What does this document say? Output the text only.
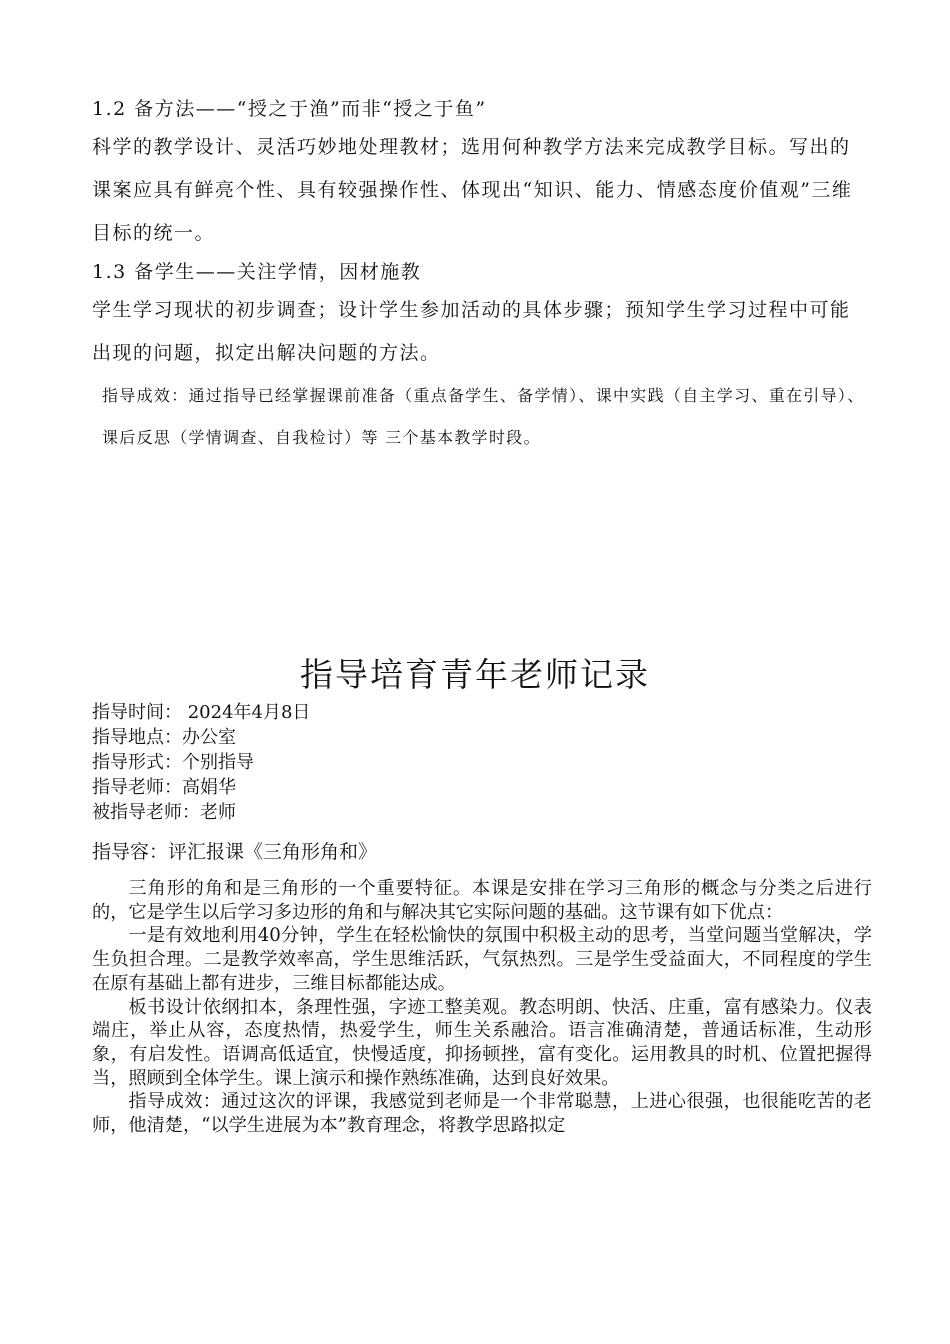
1.2 备方法——“授之于渔”而非“授之于鱼”
科学的教学设计、灵活巧妙地处理教材；选用何种教学方法来完成教学目标。写出的课案应具有鲜亮个性、具有较强操作性、体现出“知识、能力、情感态度价值观”三维目标的统一。
1.3 备学生——关注学情，因材施教
学生学习现状的初步调查；设计学生参加活动的具体步骤；预知学生学习过程中可能出现的问题，拟定出解决问题的方法。
指导成效：通过指导已经掌握课前准备（重点备学生、备学情）、课中实践（自主学习、重在引导）、课后反思（学情调查、自我检讨）等 三个基本教学时段。
指导培育青年老师记录
指导时间： 2024年4月8日
指导地点：办公室
指导形式：个别指导
指导老师：高娟华
被指导老师：老师
指导容：评汇报课《三角形角和》

三角形的角和是三角形的一个重要特征。本课是安排在学习三角形的概念与分类之后进行的，它是学生以后学习多边形的角和与解决其它实际问题的基础。这节课有如下优点：

一是有效地利用40分钟，学生在轻松愉快的氛围中积极主动的思考，当堂问题当堂解决，学生负担合理。二是教学效率高，学生思维活跃，气氛热烈。三是学生受益面大，不同程度的学生在原有基础上都有进步，三维目标都能达成。

板书设计依纲扣本，条理性强，字迹工整美观。教态明朗、快活、庄重，富有感染力。仪表端庄，举止从容，态度热情，热爱学生，师生关系融洽。语言准确清楚，普通话标准，生动形象，有启发性。语调高低适宜，快慢适度，抑扬顿挫，富有变化。运用教具的时机、位置把握得当，照顾到全体学生。课上演示和操作熟练准确，达到良好效果。

指导成效：通过这次的评课，我感觉到老师是一个非常聪慧，上进心很强，也很能吃苦的老师，他清楚，“以学生进展为本”教育理念，将教学思路拟定
